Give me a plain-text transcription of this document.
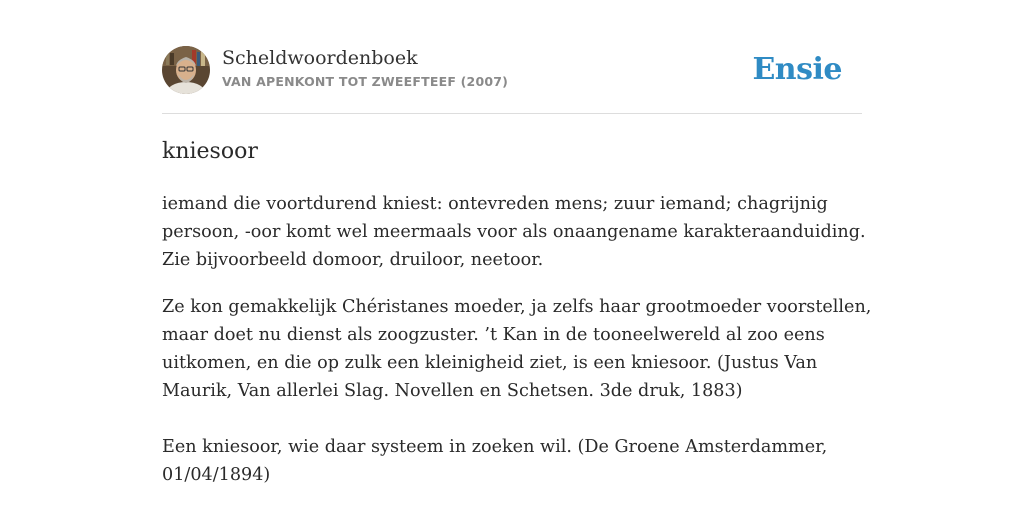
Scheldwoordenboek
VAN APENKONT TOT ZWEEFTEEF (2007)	Ensie
kniesoor
iemand die voortdurend kniest: ontevreden mens; zuur iemand; chagrijnig
persoon, -oor komt wel meermaals voor als onaangename karakteraanduiding.
Zie bijvoorbeeld domoor, druiloor, neetoor.

Ze kon gemakkelijk Chéristanes moeder, ja zelfs haar grootmoeder voorstellen,
maar doet nu dienst als zoogzuster. ’t Kan in de tooneelwereld al zoo eens
uitkomen, en die op zulk een kleinigheid ziet, is een kniesoor. (Justus Van
Maurik, Van allerlei Slag. Novellen en Schetsen. 3de druk, 1883)

Een kniesoor, wie daar systeem in zoeken wil. (De Groene Amsterdammer,
01/04/1894)
